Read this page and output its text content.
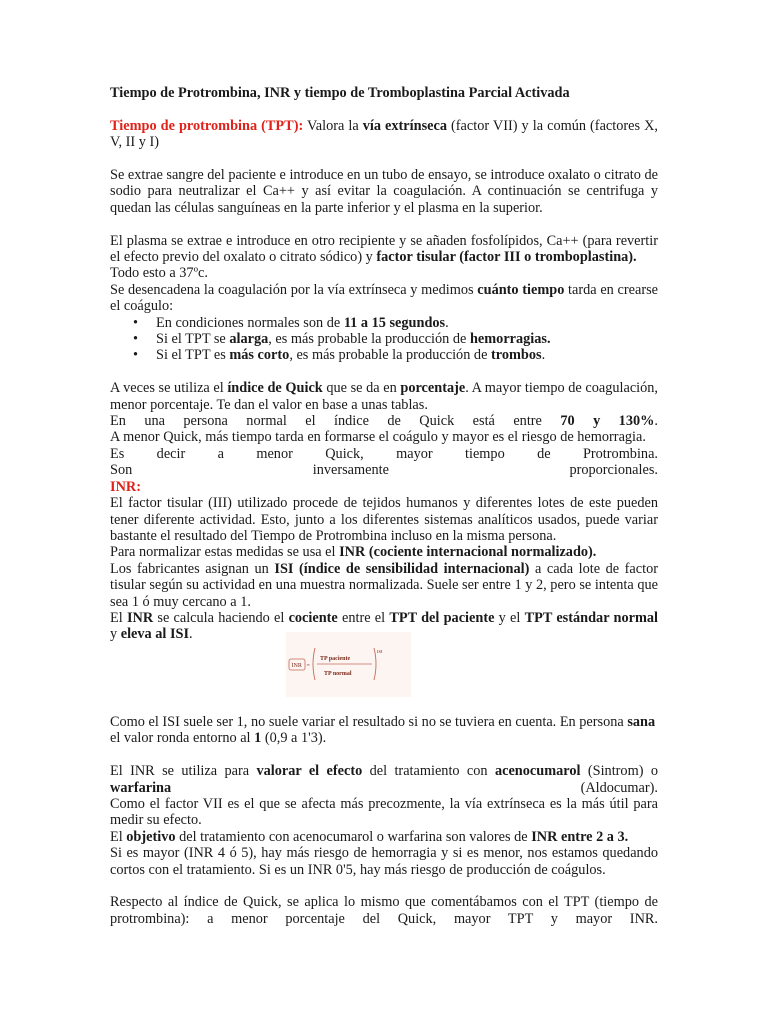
Tiempo de Protrombina, INR y tiempo de Tromboplastina Parcial Activada

Tiempo de protrombina (TPT): Valora la vía extrínseca (factor VII) y la común (factores X, V, II y I)

Se extrae sangre del paciente e introduce en un tubo de ensayo, se introduce oxalato o citrato de sodio para neutralizar el Ca++ y así evitar la coagulación. A continuación se centrifuga y quedan las células sanguíneas en la parte inferior y el plasma en la superior.

El plasma se extrae e introduce en otro recipiente y se añaden fosfolípidos, Ca++ (para revertir el efecto previo del oxalato o citrato sódico) y factor tisular (factor III o tromboplastina).
Todo esto a 37ºc.

Se desencadena la coagulación por la vía extrínseca y medimos cuánto tiempo tarda en crearse el coágulo:

• En condiciones normales son de 11 a 15 segundos.
• Si el TPT se alarga, es más probable la producción de hemorragias.
• Si el TPT es más corto, es más probable la producción de trombos.

A veces se utiliza el índice de Quick que se da en porcentaje. A mayor tiempo de coagulación, menor porcentaje. Te dan el valor en base a unas tablas.

En una persona normal el índice de Quick está entre 70 y 130%.

A menor Quick, más tiempo tarda en formarse el coágulo y mayor es el riesgo de hemorragia.

Es decir a menor Quick, mayor tiempo de Protrombina.

Son	inversamente	proporcionales.

INR:

El factor tisular (III) utilizado procede de tejidos humanos y diferentes lotes de este pueden tener diferente actividad. Esto, junto a los diferentes sistemas analíticos usados, puede variar bastante el resultado del Tiempo de Protrombina incluso en la misma persona.

Para normalizar estas medidas se usa el INR (cociente internacional normalizado).

Los fabricantes asignan un ISI (índice de sensibilidad internacional) a cada lote de factor tisular según su actividad en una muestra normalizada. Suele ser entre 1 y 2, pero se intenta que sea 1 ó muy cercano a 1.

El INR se calcula haciendo el cociente entre el TPT del paciente y el TPT estándar normal y eleva al ISI.

INR =
TP paciente
TP normal
ISI

Como el ISI suele ser 1, no suele variar el resultado si no se tuviera en cuenta. En persona sana
el valor ronda entorno al 1 (0,9 a 1'3).

El INR se utiliza para valorar el efecto del tratamiento con acenocumarol (Sintrom) o

warfarina	(Aldocumar).

Como el factor VII es el que se afecta más precozmente, la vía extrínseca es la más útil para medir su efecto.

El objetivo del tratamiento con acenocumarol o warfarina son valores de INR entre 2 a 3.

Si es mayor (INR 4 ó 5), hay más riesgo de hemorragia y si es menor, nos estamos quedando cortos con el tratamiento. Si es un INR 0'5, hay más riesgo de producción de coágulos.

Respecto al índice de Quick, se aplica lo mismo que comentábamos con el TPT (tiempo de protrombina): a menor porcentaje del Quick, mayor TPT y mayor INR.
